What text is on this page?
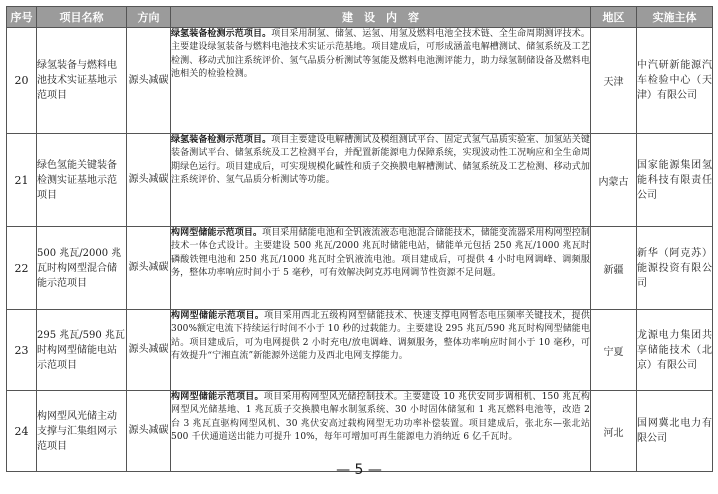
序号	项目名称	方向	建　设　内　容	地区	实施主体
20	绿氢装备与燃料电池技术实证基地示范项目	源头减碳	绿氢装备检测示范项目。项目采用制氢、储氢、运氢、用氢及燃料电池全技术链、全生命周期测评技术。主要建设绿氢装备与燃料电池技术实证示范基地。项目建成后，可形成涵盖电解槽测试、储氢系统及工艺检测、移动式加注系统评价、氢气品质分析测试等氢能及燃料电池测评能力，助力绿氢制储设备及燃料电池相关的检验检测。	天津	中汽研新能源汽车检验中心（天津）有限公司
21	绿色氢能关键装备检测实证基地示范项目	源头减碳	绿氢装备检测示范项目。项目主要建设电解槽测试及模组测试平台、固定式氢气品质实验室、加氢站关键装备测试平台、储氢系统及工艺检测平台，并配置新能源电力保障系统，实现波动性工况响应和全生命周期绿色运行。项目建成后，可实现规模化碱性和质子交换膜电解槽测试、储氢系统及工艺检测、移动式加注系统评价、氢气品质分析测试等功能。	内蒙古	国家能源集团氢能科技有限责任公司
22	500 兆瓦/2000 兆瓦时构网型混合储能示范项目	源头减碳	构网型储能示范项目。项目采用储能电池和全钒液流液态电池混合储能技术，储能变流器采用构网型控制技术一体仓式设计。主要建设 500 兆瓦/2000 兆瓦时储能电站，储能单元包括 250 兆瓦/1000 兆瓦时磷酸铁锂电池和 250 兆瓦/1000 兆瓦时全钒液流电池。项目建成后，可提供 4 小时电网调峰、调频服务，整体功率响应时间小于 5 毫秒，可有效解决阿克苏电网调节性资源不足问题。	新疆	新华（阿克苏）能源投资有限公司
23	295 兆瓦/590 兆瓦时构网型储能电站示范项目	源头减碳	构网型储能示范项目。项目采用西北五级构网型储能技术、快速支撑电网暂态电压频率关键技术，提供 300%额定电流下持续运行时间不小于 10 秒的过载能力。主要建设 295 兆瓦/590 兆瓦时构网型储能电站。项目建成后，可为电网提供 2 小时充电/放电调峰、调频服务，整体功率响应时间小于 10 毫秒，可有效提升“宁湘直流”新能源外送能力及西北电网支撑能力。	宁夏	龙源电力集团共享储能技术（北京）有限公司
24	构网型风光储主动支撑与汇集组网示范项目	源头减碳	构网型储能示范项目。项目采用构网型风光储控制技术。主要建设 10 兆伏安同步调相机、150 兆瓦构网型风光储基地、1 兆瓦质子交换膜电解水制氢系统、30 小时固体储氢和 1 兆瓦燃料电池等，改造 2 台 3 兆瓦直驱构网型风机、30 兆伏安高过载构网型无功功率补偿装置。项目建成后，张北东—张北站 500 千伏通道送出能力可提升 10%，每年可增加可再生能源电力消纳近 6 亿千瓦时。	河北	国网冀北电力有限公司
— 5 —
